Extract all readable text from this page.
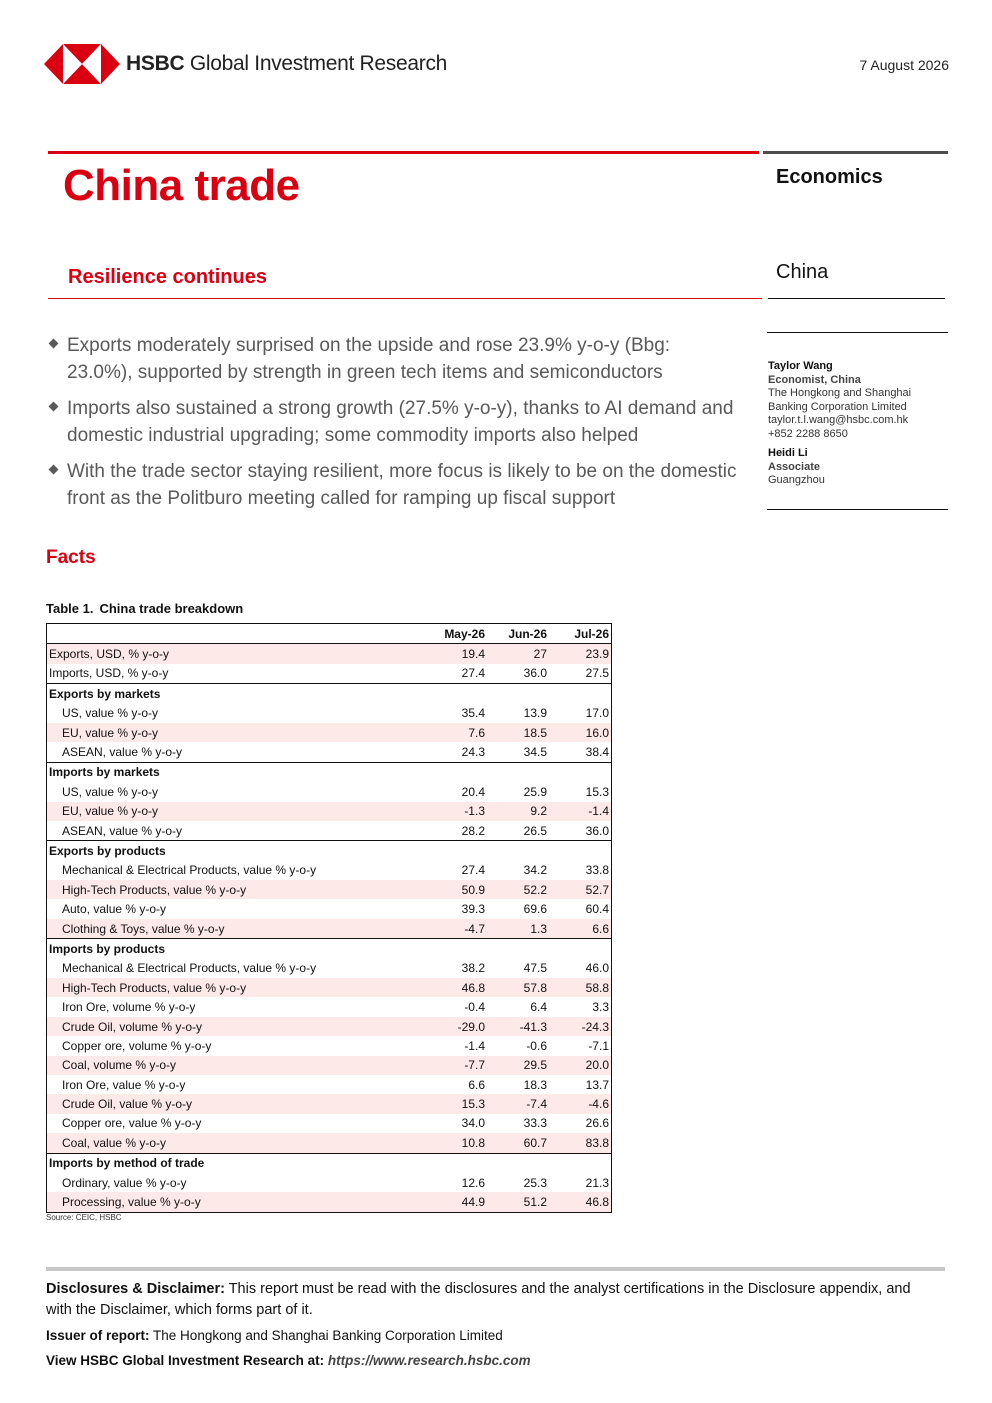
HSBC Global Investment Research	7 August 2026
China trade
Resilience continues
Economics
China
Taylor Wang
Economist, China
The Hongkong and Shanghai Banking Corporation Limited
taylor.t.l.wang@hsbc.com.hk
+852 2288 8650
Heidi Li
Associate
Guangzhou
Exports moderately surprised on the upside and rose 23.9% y-o-y (Bbg: 23.0%), supported by strength in green tech items and semiconductors
Imports also sustained a strong growth (27.5% y-o-y), thanks to AI demand and domestic industrial upgrading; some commodity imports also helped
With the trade sector staying resilient, more focus is likely to be on the domestic front as the Politburo meeting called for ramping up fiscal support
Facts
Table 1. China trade breakdown
	May-26	Jun-26	Jul-26
Exports, USD, % y-o-y	19.4	27	23.9
Imports, USD, % y-o-y	27.4	36.0	27.5
Exports by markets			
US, value % y-o-y	35.4	13.9	17.0
EU, value % y-o-y	7.6	18.5	16.0
ASEAN, value % y-o-y	24.3	34.5	38.4
Imports by markets			
US, value % y-o-y	20.4	25.9	15.3
EU, value % y-o-y	-1.3	9.2	-1.4
ASEAN, value % y-o-y	28.2	26.5	36.0
Exports by products			
Mechanical & Electrical Products, value % y-o-y	27.4	34.2	33.8
High-Tech Products, value % y-o-y	50.9	52.2	52.7
Auto, value % y-o-y	39.3	69.6	60.4
Clothing & Toys, value % y-o-y	-4.7	1.3	6.6
Imports by products			
Mechanical & Electrical Products, value % y-o-y	38.2	47.5	46.0
High-Tech Products, value % y-o-y	46.8	57.8	58.8
Iron Ore, volume % y-o-y	-0.4	6.4	3.3
Crude Oil, volume % y-o-y	-29.0	-41.3	-24.3
Copper ore, volume % y-o-y	-1.4	-0.6	-7.1
Coal, volume % y-o-y	-7.7	29.5	20.0
Iron Ore, value % y-o-y	6.6	18.3	13.7
Crude Oil, value % y-o-y	15.3	-7.4	-4.6
Copper ore, value % y-o-y	34.0	33.3	26.6
Coal, value % y-o-y	10.8	60.7	83.8
Imports by method of trade			
Ordinary, value % y-o-y	12.6	25.3	21.3
Processing, value % y-o-y	44.9	51.2	46.8
Source: CEIC, HSBC
Disclosures & Disclaimer: This report must be read with the disclosures and the analyst certifications in the Disclosure appendix, and with the Disclaimer, which forms part of it.
Issuer of report: The Hongkong and Shanghai Banking Corporation Limited
View HSBC Global Investment Research at: https://www.research.hsbc.com
